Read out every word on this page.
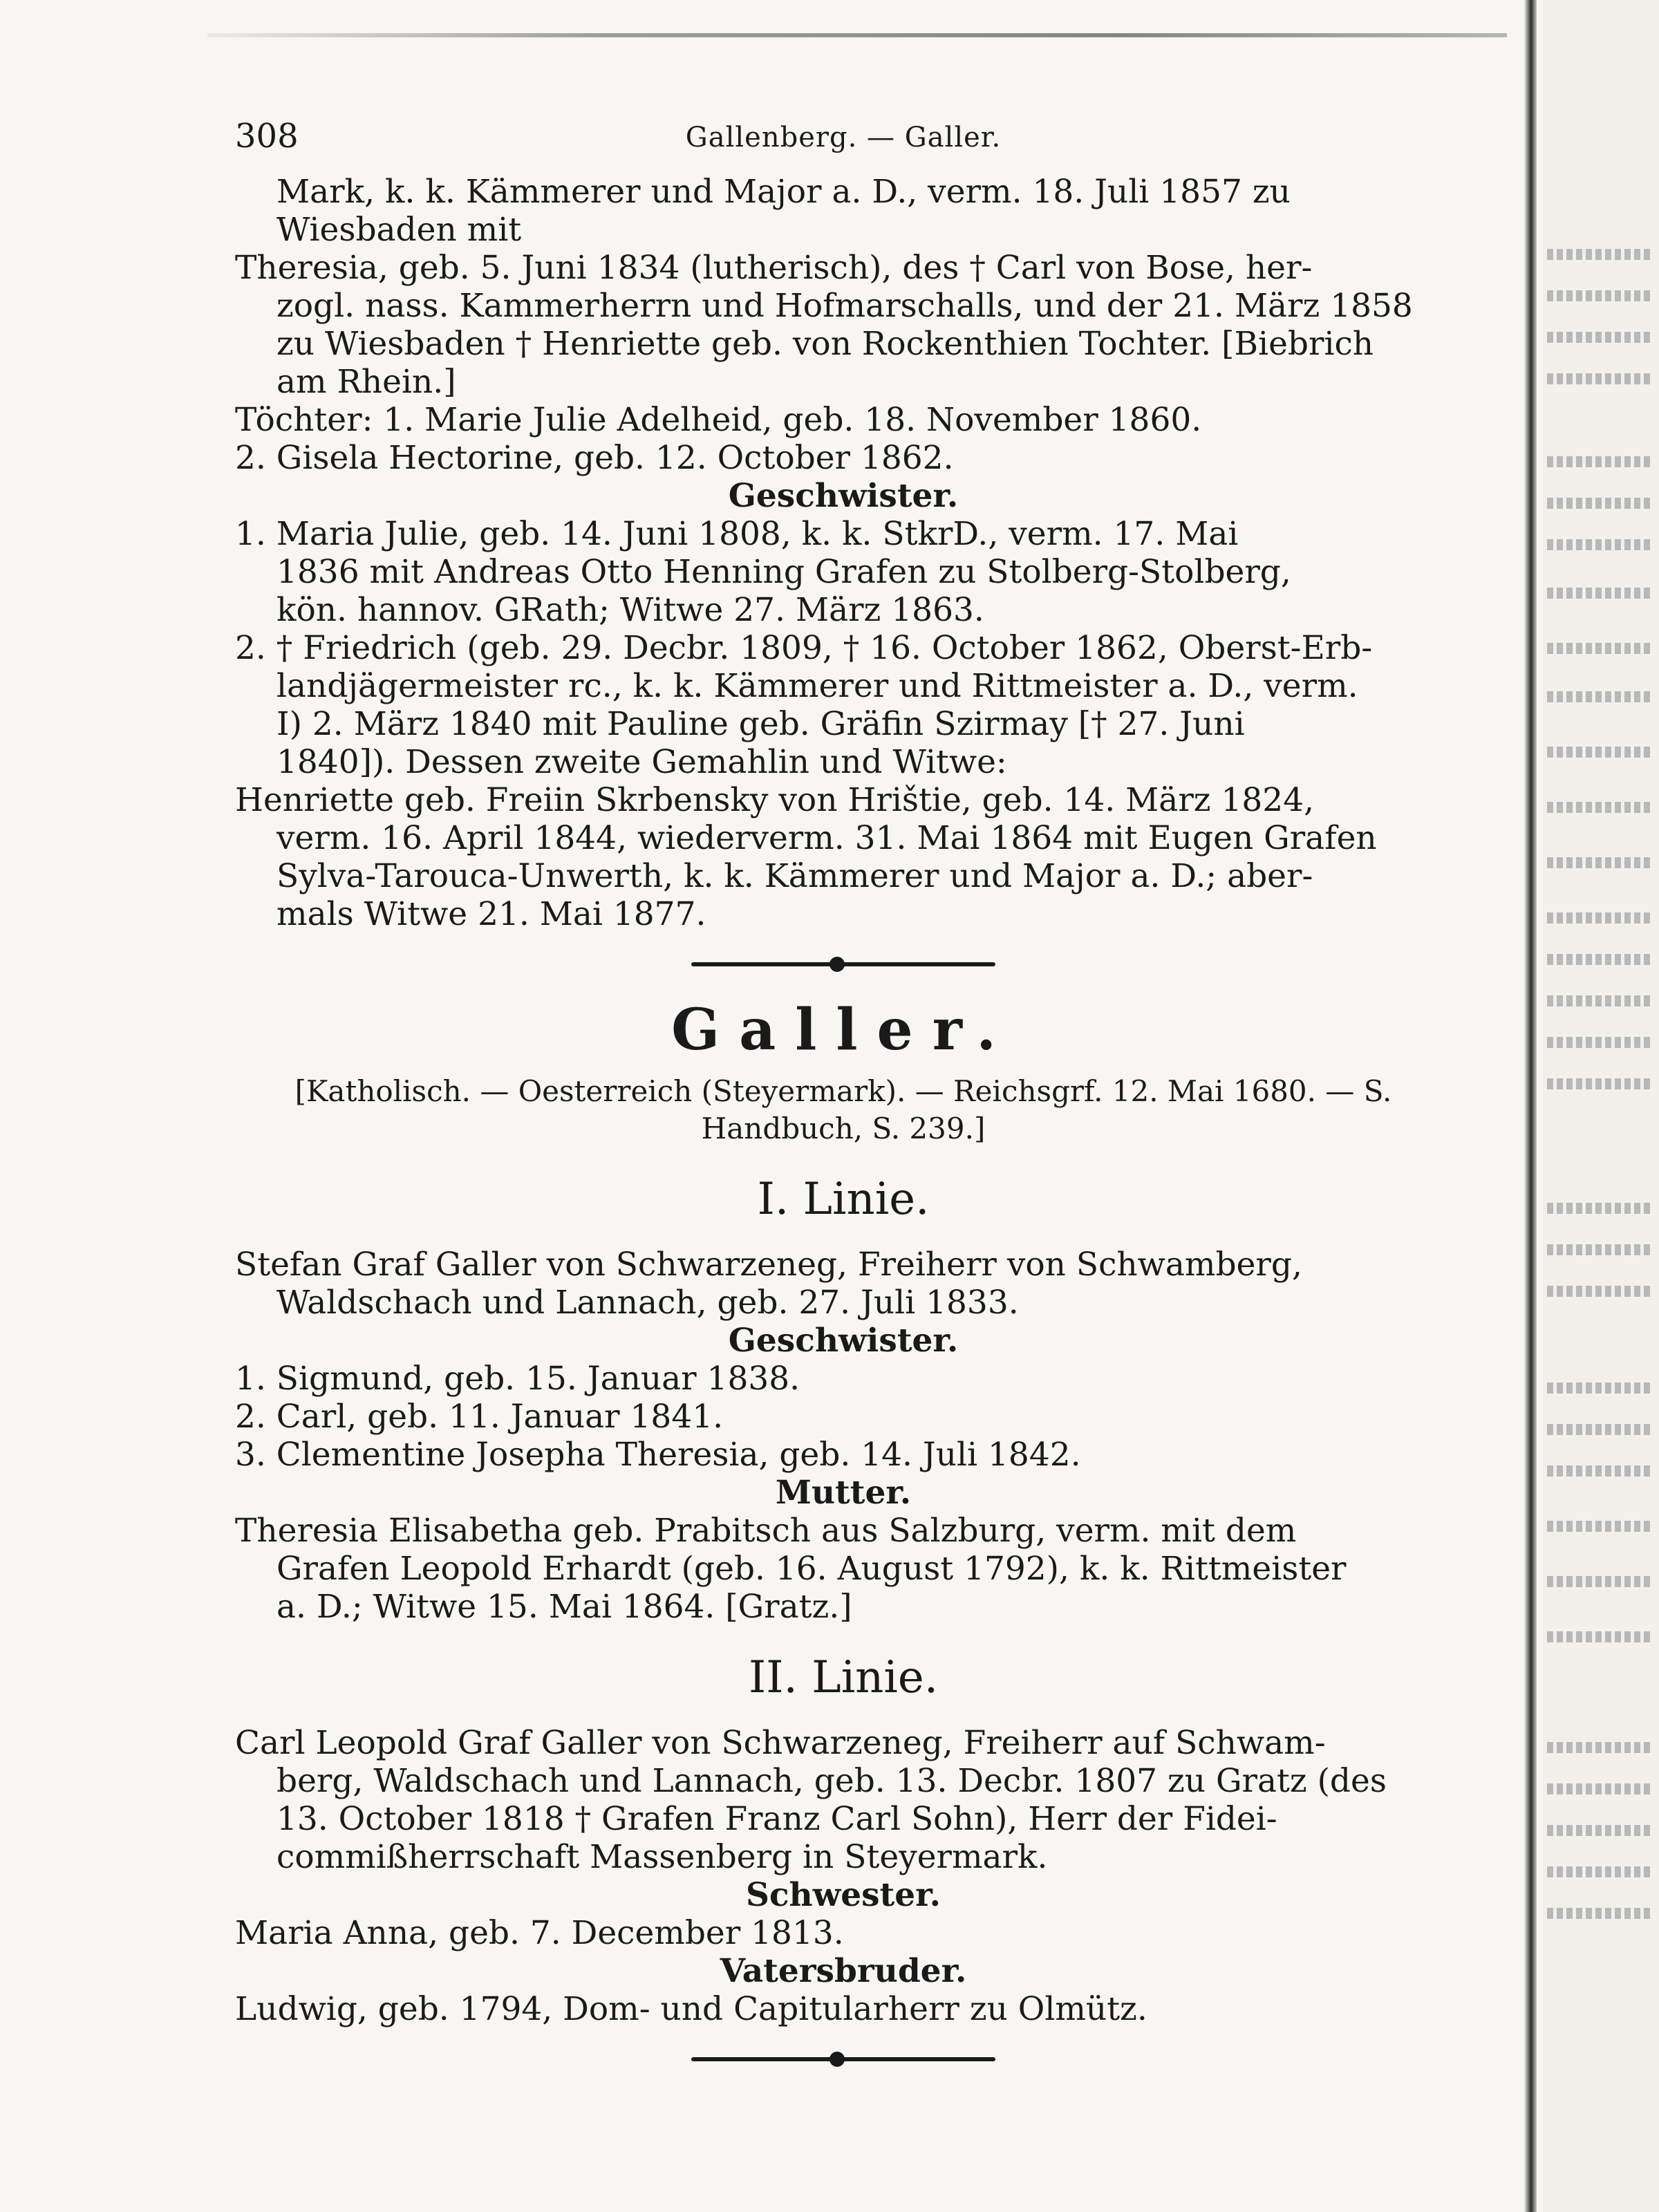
308	Gallenberg. — Galler.

Mark, k. k. Kämmerer und Major a. D., verm. 18. Juli 1857 zu

Wiesbaden mit

Theresia, geb. 5. Juni 1834 (lutherisch), des † Carl von Bose, her-

zogl. nass. Kammerherrn und Hofmarschalls, und der 21. März 1858

zu Wiesbaden † Henriette geb. von Rockenthien Tochter. [Biebrich

am Rhein.]

Töchter: 1. Marie Julie Adelheid, geb. 18. November 1860.

2. Gisela Hectorine, geb. 12. October 1862.

Geschwister.

1. Maria Julie, geb. 14. Juni 1808, k. k. StkrD., verm. 17. Mai

1836 mit Andreas Otto Henning Grafen zu Stolberg-Stolberg,

kön. hannov. GRath; Witwe 27. März 1863.

2. † Friedrich (geb. 29. Decbr. 1809, † 16. October 1862, Oberst-Erb-

landjägermeister rc., k. k. Kämmerer und Rittmeister a. D., verm.

I) 2. März 1840 mit Pauline geb. Gräfin Szirmay [† 27. Juni

1840]). Dessen zweite Gemahlin und Witwe:

Henriette geb. Freiin Skrbensky von Hrištie, geb. 14. März 1824,

verm. 16. April 1844, wiederverm. 31. Mai 1864 mit Eugen Grafen

Sylva-Tarouca-Unwerth, k. k. Kämmerer und Major a. D.; aber-

mals Witwe 21. Mai 1877.

Galler.

[Katholisch. — Oesterreich (Steyermark). — Reichsgrf. 12. Mai 1680. — S.

Handbuch, S. 239.]

I. Linie.

Stefan Graf Galler von Schwarzeneg, Freiherr von Schwamberg,

Waldschach und Lannach, geb. 27. Juli 1833.

Geschwister.

1. Sigmund, geb. 15. Januar 1838.

2. Carl, geb. 11. Januar 1841.

3. Clementine Josepha Theresia, geb. 14. Juli 1842.

Mutter.

Theresia Elisabetha geb. Prabitsch aus Salzburg, verm. mit dem

Grafen Leopold Erhardt (geb. 16. August 1792), k. k. Rittmeister

a. D.; Witwe 15. Mai 1864. [Gratz.]

II. Linie.

Carl Leopold Graf Galler von Schwarzeneg, Freiherr auf Schwam-

berg, Waldschach und Lannach, geb. 13. Decbr. 1807 zu Gratz (des

13. October 1818 † Grafen Franz Carl Sohn), Herr der Fidei-

commißherrschaft Massenberg in Steyermark.

Schwester.

Maria Anna, geb. 7. December 1813.

Vatersbruder.

Ludwig, geb. 1794, Dom- und Capitularherr zu Olmütz.
